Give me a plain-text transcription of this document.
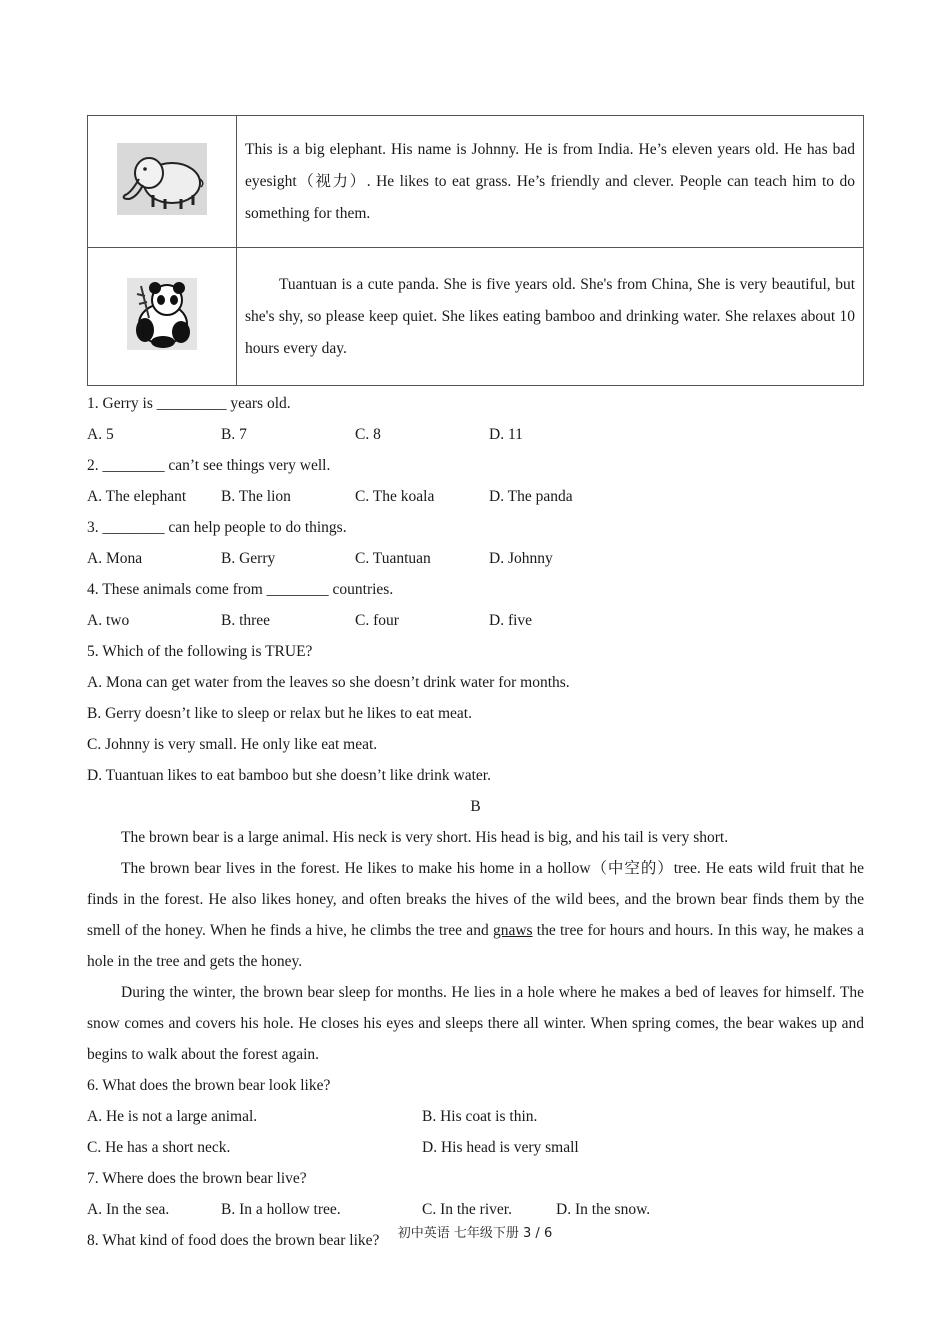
	This is a big elephant. His name is Johnny. He is from India. He’s eleven years old. He has bad eyesight（视力）. He likes to eat grass. He’s friendly and clever. People can teach him to do something for them.
	Tuantuan is a cute panda. She is five years old. She's from China, She is very beautiful, but she's shy, so please keep quiet. She likes eating bamboo and drinking water. She relaxes about 10 hours every day.
1. Gerry is _________ years old.
A. 5	B. 7	C. 8	D. 11
2. ________ can’t see things very well.
A. The elephant	B. The lion	C. The koala	D. The panda
3. ________ can help people to do things.
A. Mona	B. Gerry	C. Tuantuan	D. Johnny
4. These animals come from ________ countries.
A. two	B. three	C. four	D. five
5. Which of the following is TRUE?
A. Mona can get water from the leaves so she doesn’t drink water for months.
B. Gerry doesn’t like to sleep or relax but he likes to eat meat.
C. Johnny is very small. He only like eat meat.
D. Tuantuan likes to eat bamboo but she doesn’t like drink water.
B
The brown bear is a large animal. His neck is very short. His head is big, and his tail is very short.
The brown bear lives in the forest. He likes to make his home in a hollow（中空的）tree. He eats wild fruit that he finds in the forest. He also likes honey, and often breaks the hives of the wild bees, and the brown bear finds them by the smell of the honey. When he finds a hive, he climbs the tree and gnaws the tree for hours and hours. In this way, he makes a hole in the tree and gets the honey.
During the winter, the brown bear sleep for months. He lies in a hole where he makes a bed of leaves for himself. The snow comes and covers his hole. He closes his eyes and sleeps there all winter. When spring comes, the bear wakes up and begins to walk about the forest again.
6. What does the brown bear look like?
A. He is not a large animal.	B. His coat is thin.
C. He has a short neck.	D. His head is very small
7. Where does the brown bear live?
A. In the sea.	B. In a hollow tree.	C. In the river.	D. In the snow.
8. What kind of food does the brown bear like?	初中英语 七年级下册 3 / 6
